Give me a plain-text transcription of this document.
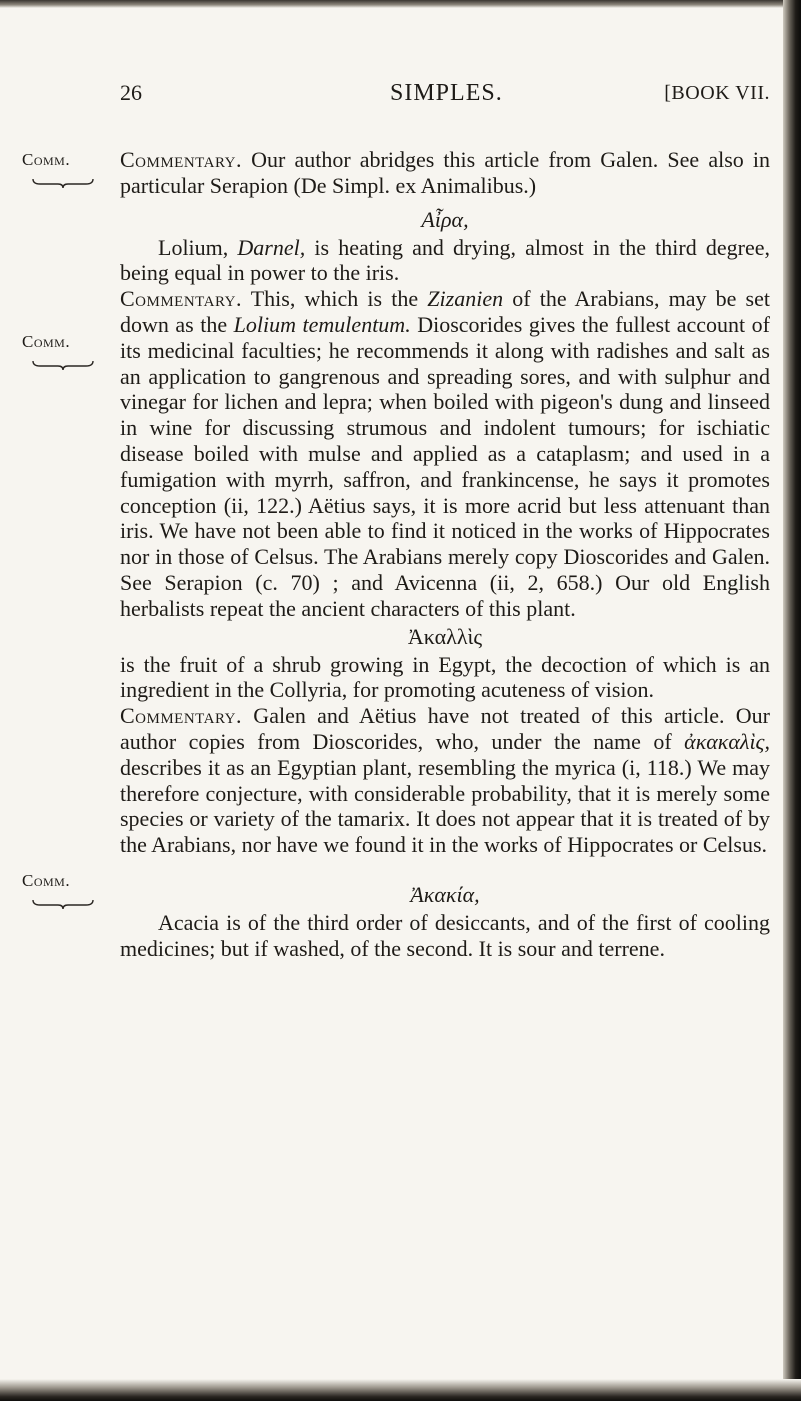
26	SIMPLES.	[BOOK VII.
Comm.
Comm.
Comm.

Commentary. Our author abridges this article from Galen. See also in particular Serapion (De Simpl. ex Animalibus.)

Αἶρα,

Lolium, Darnel, is heating and drying, almost in the third degree, being equal in power to the iris.

Commentary. This, which is the Zizanien of the Arabians, may be set down as the Lolium temulentum. Dioscorides gives the fullest account of its medicinal faculties; he recommends it along with radishes and salt as an application to gangrenous and spreading sores, and with sulphur and vinegar for lichen and lepra; when boiled with pigeon's dung and linseed in wine for discussing strumous and indolent tumours; for ischiatic disease boiled with mulse and applied as a cataplasm; and used in a fumigation with myrrh, saffron, and frankincense, he says it promotes conception (ii, 122.) Aëtius says, it is more acrid but less attenuant than iris. We have not been able to find it noticed in the works of Hippocrates nor in those of Celsus. The Arabians merely copy Dioscorides and Galen. See Serapion (c. 70) ; and Avicenna (ii, 2, 658.) Our old English herbalists repeat the ancient characters of this plant.

Ἀκαλλὶς

is the fruit of a shrub growing in Egypt, the decoction of which is an ingredient in the Collyria, for promoting acuteness of vision.

Commentary. Galen and Aëtius have not treated of this article. Our author copies from Dioscorides, who, under the name of ἀκακαλὶς, describes it as an Egyptian plant, resembling the myrica (i, 118.) We may therefore conjecture, with considerable probability, that it is merely some species or variety of the tamarix. It does not appear that it is treated of by the Arabians, nor have we found it in the works of Hippocrates or Celsus.

Ἀκακία,

Acacia is of the third order of desiccants, and of the first of cooling medicines; but if washed, of the second. It is sour and terrene.
